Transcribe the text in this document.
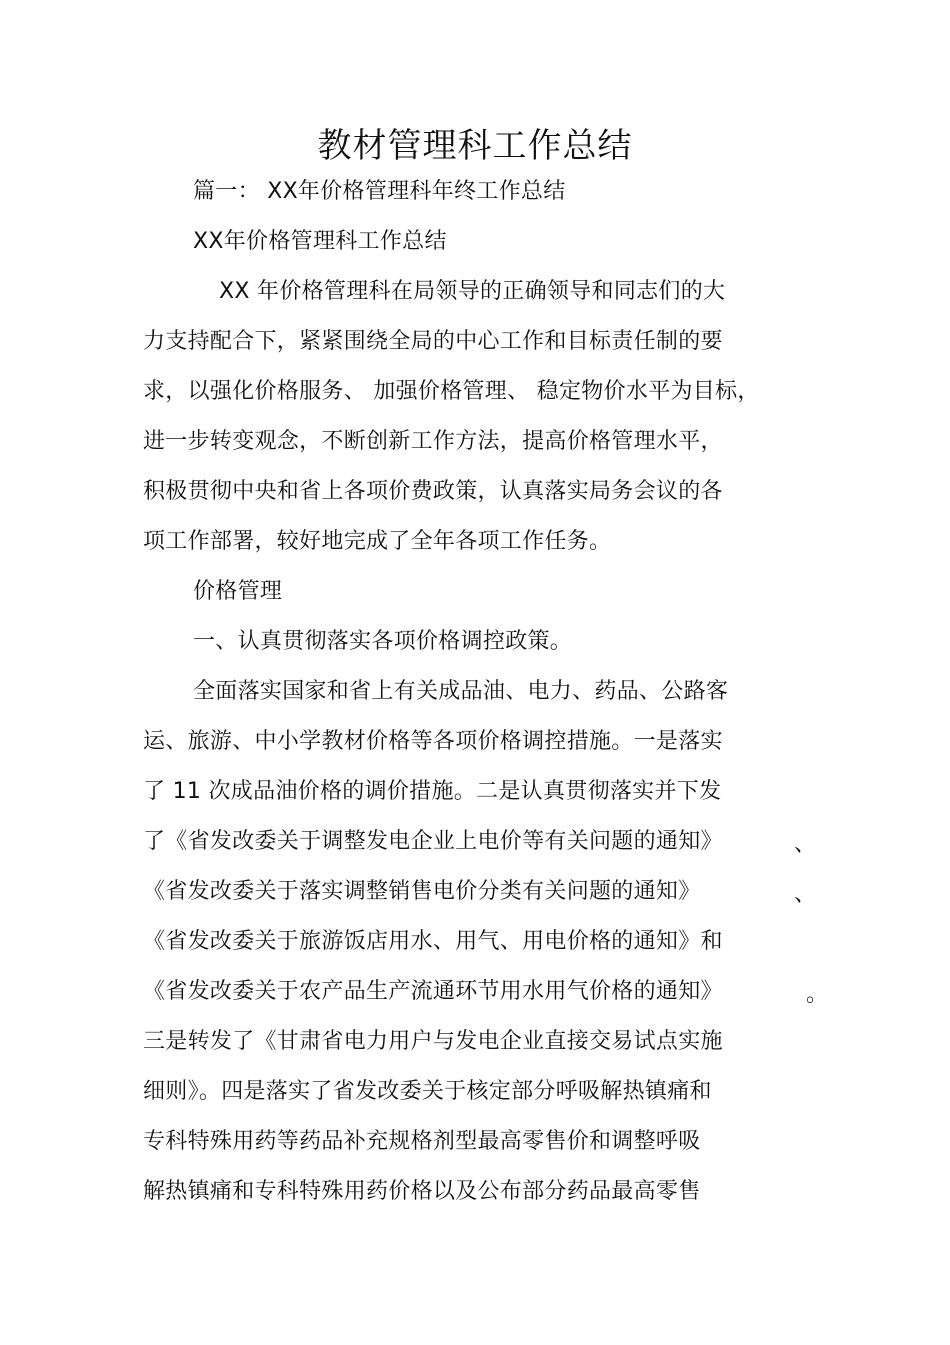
教材管理科工作总结
篇一： XX年价格管理科年终工作总结
XX年价格管理科工作总结
XX 年价格管理科在局领导的正确领导和同志们的大
力支持配合下，紧紧围绕全局的中心工作和目标责任制的要
求，以强化价格服务、 加强价格管理、 稳定物价水平为目标，
进一步转变观念，不断创新工作方法，提高价格管理水平，
积极贯彻中央和省上各项价费政策，认真落实局务会议的各
项工作部署，较好地完成了全年各项工作任务。
价格管理
一、认真贯彻落实各项价格调控政策。
全面落实国家和省上有关成品油、电力、药品、公路客
运、旅游、中小学教材价格等各项价格调控措施。一是落实
了 11 次成品油价格的调价措施。二是认真贯彻落实并下发
了《省发改委关于调整发电企业上电价等有关问题的通知》
《省发改委关于落实调整销售电价分类有关问题的通知》
《省发改委关于旅游饭店用水、用气、用电价格的通知》和
《省发改委关于农产品生产流通环节用水用气价格的通知》
三是转发了《甘肃省电力用户与发电企业直接交易试点实施
细则》。四是落实了省发改委关于核定部分呼吸解热镇痛和
专科特殊用药等药品补充规格剂型最高零售价和调整呼吸
解热镇痛和专科特殊用药价格以及公布部分药品最高零售
、
、
。
